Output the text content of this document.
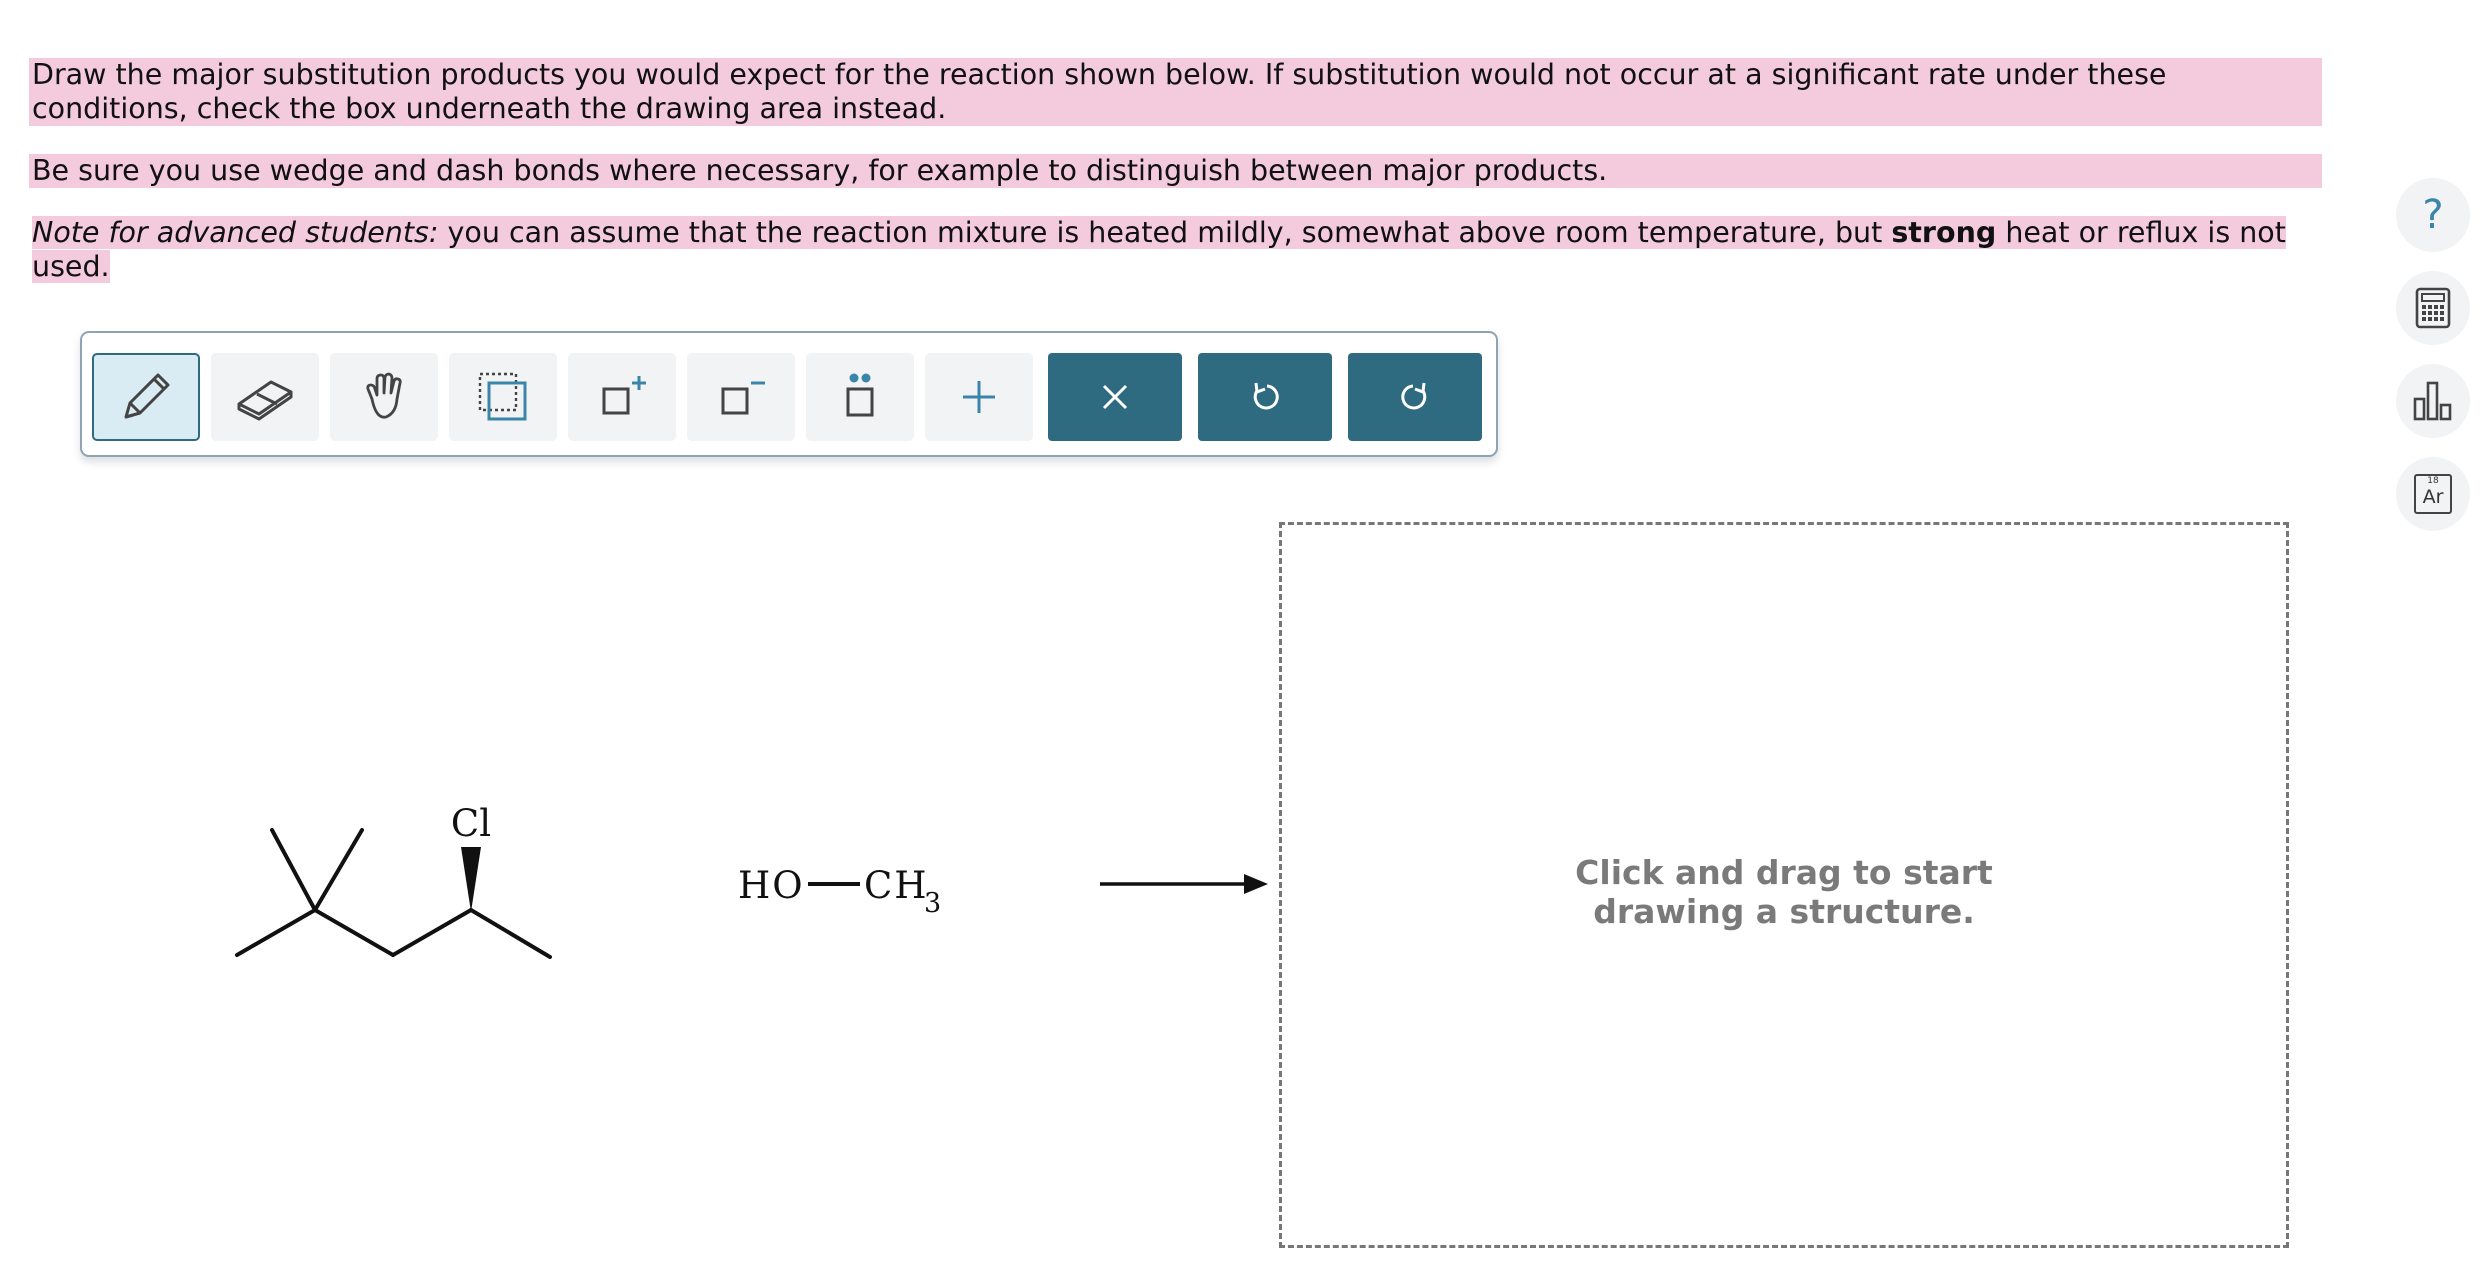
Draw the major substitution products you would expect for the reaction shown below. If substitution would not occur at a significant rate under these conditions, check the box underneath the drawing area instead.

Be sure you use wedge and dash bonds where necessary, for example to distinguish between major products.

Note for advanced students: you can assume that the reaction mixture is heated mildly, somewhat above room temperature, but strong heat or reflux is not used.

?
18
Ar
Cl
HO CH
3
Click and drag to start
drawing a structure.
